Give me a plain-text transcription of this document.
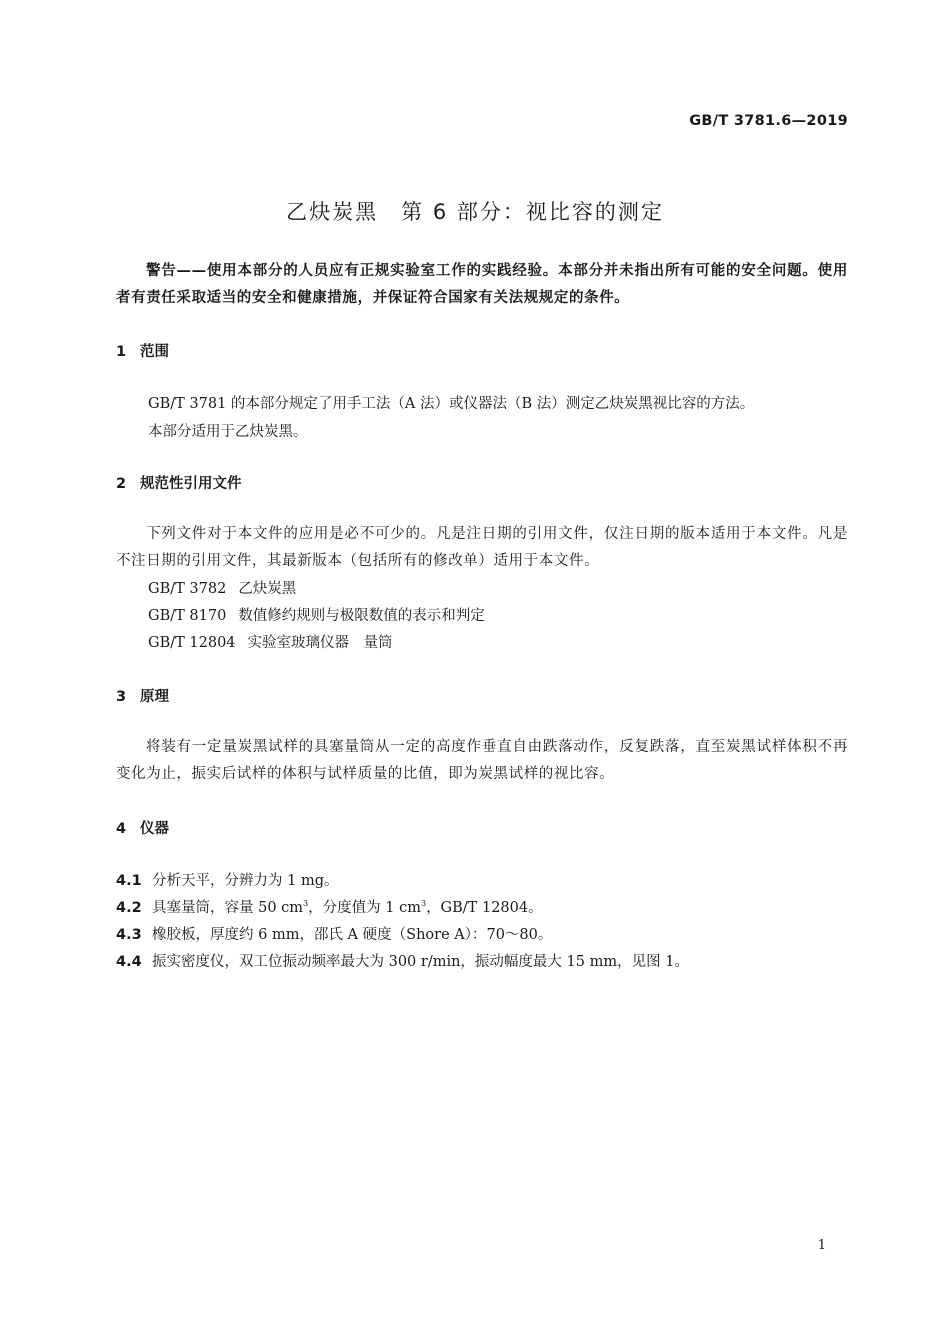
GB/T 3781.6—2019
乙炔炭黑　第 6 部分：视比容的测定
警告——使用本部分的人员应有正规实验室工作的实践经验。本部分并未指出所有可能的安全问题。使用者有责任采取适当的安全和健康措施，并保证符合国家有关法规规定的条件。
1 范围
GB/T 3781 的本部分规定了用手工法（A 法）或仪器法（B 法）测定乙炔炭黑视比容的方法。
本部分适用于乙炔炭黑。
2 规范性引用文件
下列文件对于本文件的应用是必不可少的。凡是注日期的引用文件，仅注日期的版本适用于本文件。凡是不注日期的引用文件，其最新版本（包括所有的修改单）适用于本文件。
GB/T 3782 乙炔炭黑
GB/T 8170 数值修约规则与极限数值的表示和判定
GB/T 12804 实验室玻璃仪器　量筒
3 原理
将装有一定量炭黑试样的具塞量筒从一定的高度作垂直自由跌落动作，反复跌落，直至炭黑试样体积不再变化为止，振实后试样的体积与试样质量的比值，即为炭黑试样的视比容。
4 仪器
4.1 分析天平，分辨力为 1 mg。
4.2 具塞量筒，容量 50 $cm^3$，分度值为 1 $cm^3$，GB/T 12804。
4.3 橡胶板，厚度约 6 mm，邵氏 A 硬度（Shore A）：70～80。
4.4 振实密度仪，双工位振动频率最大为 300 r/min，振动幅度最大 15 mm，见图 1。
1
